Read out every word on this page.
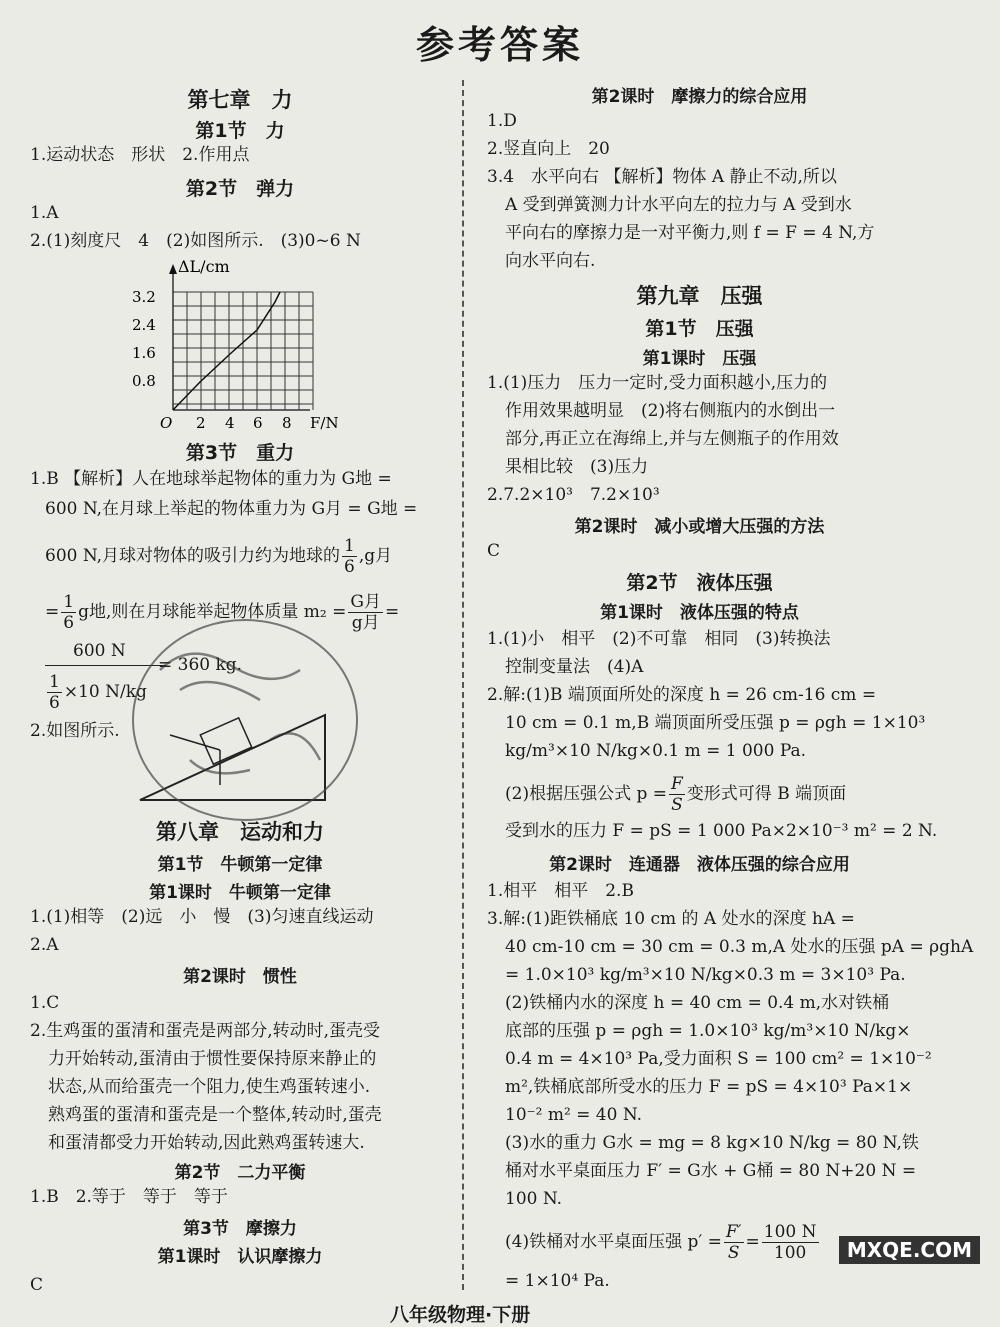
参考答案
第七章　力
第1节　力
1.运动状态　形状　2.作用点
第2节　弹力
1.A
2.(1)刻度尺　4　(2)如图所示.　(3)0~6 N
ΔL/cm
3.2
2.4
1.6
0.8
O 2 4 6 8 F/N
第3节　重力
1.B 【解析】人在地球举起物体的重力为 G地 =
600 N,在月球上举起的物体重力为 G月 = G地 =
600 N,月球对物体的吸引力约为地球的 $\frac{1}{6} ,g$月
= $\frac{1}{6}$ g地,则在月球能举起物体质量 $m_2 = \frac{\text{G月}}{\text{g月}}$ =
600 N
= 360 kg.
$\frac{1}{6} \times 10$ N/kg
2.如图所示.
第八章　运动和力
第1节　牛顿第一定律
第1课时　牛顿第一定律
1.(1)相等　(2)远　小　慢　(3)匀速直线运动
2.A
第2课时　惯性
1.C
2.生鸡蛋的蛋清和蛋壳是两部分,转动时,蛋壳受
力开始转动,蛋清由于惯性要保持原来静止的
状态,从而给蛋壳一个阻力,使生鸡蛋转速小.
熟鸡蛋的蛋清和蛋壳是一个整体,转动时,蛋壳
和蛋清都受力开始转动,因此熟鸡蛋转速大.
第2节　二力平衡
1.B　2.等于　等于　等于
第3节　摩擦力
第1课时　认识摩擦力
C
第2课时　摩擦力的综合应用
1.D
2.竖直向上　20
3.4　水平向右 【解析】物体 A 静止不动,所以
A 受到弹簧测力计水平向左的拉力与 A 受到水
平向右的摩擦力是一对平衡力,则 f = F = 4 N,方
向水平向右.
第九章　压强
第1节　压强
第1课时　压强
1.(1)压力　压力一定时,受力面积越小,压力的
作用效果越明显　(2)将右侧瓶内的水倒出一
部分,再正立在海绵上,并与左侧瓶子的作用效
果相比较　(3)压力
2.7.2×10³　7.2×10³
第2课时　减小或增大压强的方法
C
第2节　液体压强
第1课时　液体压强的特点
1.(1)小　相平　(2)不可靠　相同　(3)转换法
控制变量法　(4)A
2.解:(1)B 端顶面所处的深度 h = 26 cm-16 cm =
10 cm = 0.1 m,B 端顶面所受压强 p = ρgh = 1×10³
kg/m³×10 N/kg×0.1 m = 1 000 Pa.
(2)根据压强公式 $p = \frac{F}{S}$ 变形式可得 B 端顶面
受到水的压力 F = pS = 1 000 Pa×2×10⁻³ m² = 2 N.
第2课时　连通器　液体压强的综合应用
1.相平　相平　2.B
3.解:(1)距铁桶底 10 cm 的 A 处水的深度 hA =
40 cm-10 cm = 30 cm = 0.3 m,A 处水的压强 pA = ρghA
= 1.0×10³ kg/m³×10 N/kg×0.3 m = 3×10³ Pa.
(2)铁桶内水的深度 h = 40 cm = 0.4 m,水对铁桶
底部的压强 p = ρgh = 1.0×10³ kg/m³×10 N/kg×
0.4 m = 4×10³ Pa,受力面积 S = 100 cm² = 1×10⁻²
m²,铁桶底部所受水的压力 F = pS = 4×10³ Pa×1×
10⁻² m² = 40 N.
(3)水的重力 G水 = mg = 8 kg×10 N/kg = 80 N,铁
桶对水平桌面压力 F′ = G水 + G桶 = 80 N+20 N =
100 N.
(4)铁桶对水平桌面压强 $p' = \frac{F'}{S} = \frac{100 N}{100}$
= 1×10⁴ Pa.
八年级物理·下册
MXQE.COM
